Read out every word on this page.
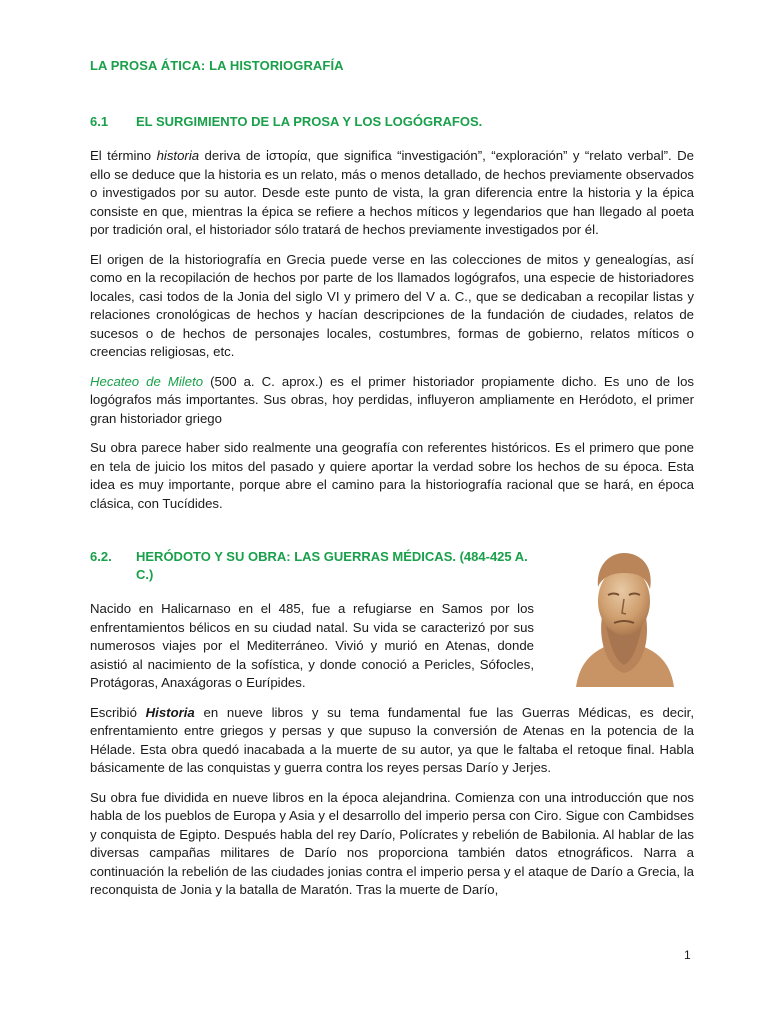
LA PROSA ÁTICA: LA HISTORIOGRAFÍA
6.1	EL SURGIMIENTO DE LA PROSA Y LOS LOGÓGRAFOS.

El término historia deriva de ἱστορία, que significa “investigación”, “exploración” y “relato verbal”. De ello se deduce que la historia es un relato, más o menos detallado, de hechos previamente observados o investigados por su autor. Desde este punto de vista, la gran diferencia entre la historia y la épica consiste en que, mientras la épica se refiere a hechos míticos y legendarios que han llegado al poeta por tradición oral, el historiador sólo tratará de hechos previamente investigados por él.

El origen de la historiografía en Grecia puede verse en las colecciones de mitos y genealogías, así como en la recopilación de hechos por parte de los llamados logógrafos, una especie de historiadores locales, casi todos de la Jonia del siglo VI y primero del V a. C., que se dedicaban a recopilar listas y relaciones cronológicas de hechos y hacían descripciones de la fundación de ciudades, relatos de sucesos o de hechos de personajes locales, costumbres, formas de gobierno, relatos míticos o creencias religiosas, etc.

Hecateo de Mileto (500 a. C. aprox.) es el primer historiador propiamente dicho. Es uno de los logógrafos más importantes. Sus obras, hoy perdidas, influyeron ampliamente en Heródoto, el primer gran historiador griego

Su obra parece haber sido realmente una geografía con referentes históricos. Es el primero que pone en tela de juicio los mitos del pasado y quiere aportar la verdad sobre los hechos de su época. Esta idea es muy importante, porque abre el camino para la historiografía racional que se hará, en época clásica, con Tucídides.

6.2.	HERÓDOTO Y SU OBRA: LAS GUERRAS MÉDICAS. (484-425 A. C.)

Nacido en Halicarnaso en el 485, fue a refugiarse en Samos por los enfrentamientos bélicos en su ciudad natal. Su vida se caracterizó por sus numerosos viajes por el Mediterráneo. Vivió y murió en Atenas, donde asistió al nacimiento de la sofística, y donde conoció a Pericles, Sófocles, Protágoras, Anaxágoras o Eurípides.

Escribió Historia en nueve libros y su tema fundamental fue las Guerras Médicas, es decir, enfrentamiento entre griegos y persas y que supuso la conversión de Atenas en la potencia de la Hélade. Esta obra quedó inacabada a la muerte de su autor, ya que le faltaba el retoque final. Habla básicamente de las conquistas y guerra contra los reyes persas Darío y Jerjes.

Su obra fue dividida en nueve libros en la época alejandrina. Comienza con una introducción que nos habla de los pueblos de Europa y Asia y el desarrollo del imperio persa con Ciro. Sigue con Cambidses y conquista de Egipto. Después habla del rey Darío, Polícrates y rebelión de Babilonia. Al hablar de las diversas campañas militares de Darío nos proporciona también datos etnográficos. Narra a continuación la rebelión de las ciudades jonias contra el imperio persa y el ataque de Darío a Grecia, la reconquista de Jonia y la batalla de Maratón. Tras la muerte de Darío,

1
